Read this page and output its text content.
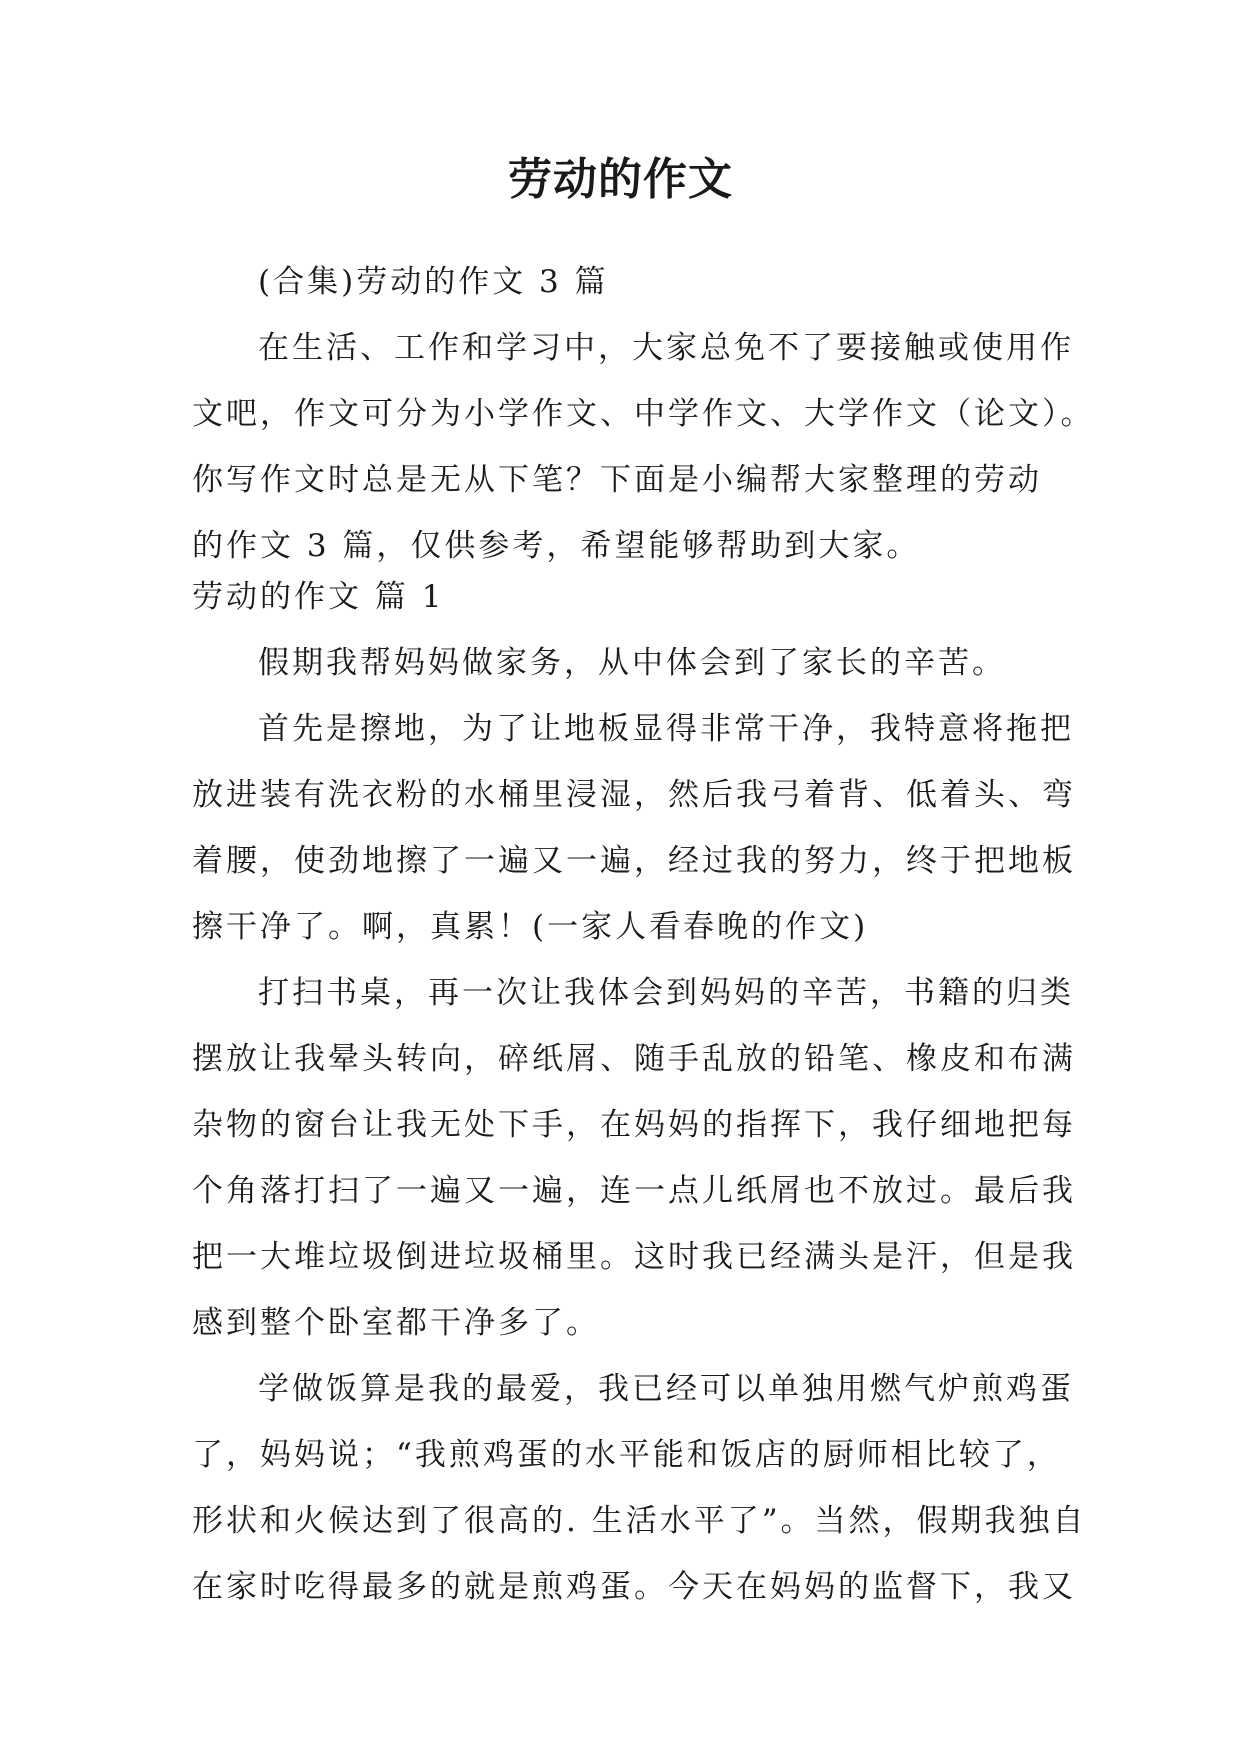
劳动的作文
(合集)劳动的作文 3 篇
在生活、工作和学习中，大家总免不了要接触或使用作
文吧，作文可分为小学作文、中学作文、大学作文（论文）。
你写作文时总是无从下笔？下面是小编帮大家整理的劳动
的作文 3 篇，仅供参考，希望能够帮助到大家。
劳动的作文 篇 1
假期我帮妈妈做家务，从中体会到了家长的辛苦。
首先是擦地，为了让地板显得非常干净，我特意将拖把
放进装有洗衣粉的水桶里浸湿，然后我弓着背、低着头、弯
着腰，使劲地擦了一遍又一遍，经过我的努力，终于把地板
擦干净了。啊，真累！(一家人看春晚的作文)
打扫书桌，再一次让我体会到妈妈的辛苦，书籍的归类
摆放让我晕头转向，碎纸屑、随手乱放的铅笔、橡皮和布满
杂物的窗台让我无处下手，在妈妈的指挥下，我仔细地把每
个角落打扫了一遍又一遍，连一点儿纸屑也不放过。最后我
把一大堆垃圾倒进垃圾桶里。这时我已经满头是汗，但是我
感到整个卧室都干净多了。
学做饭算是我的最爱，我已经可以单独用燃气炉煎鸡蛋
了，妈妈说；“我煎鸡蛋的水平能和饭店的厨师相比较了，
形状和火候达到了很高的. 生活水平了”。当然，假期我独自
在家时吃得最多的就是煎鸡蛋。今天在妈妈的监督下，我又
